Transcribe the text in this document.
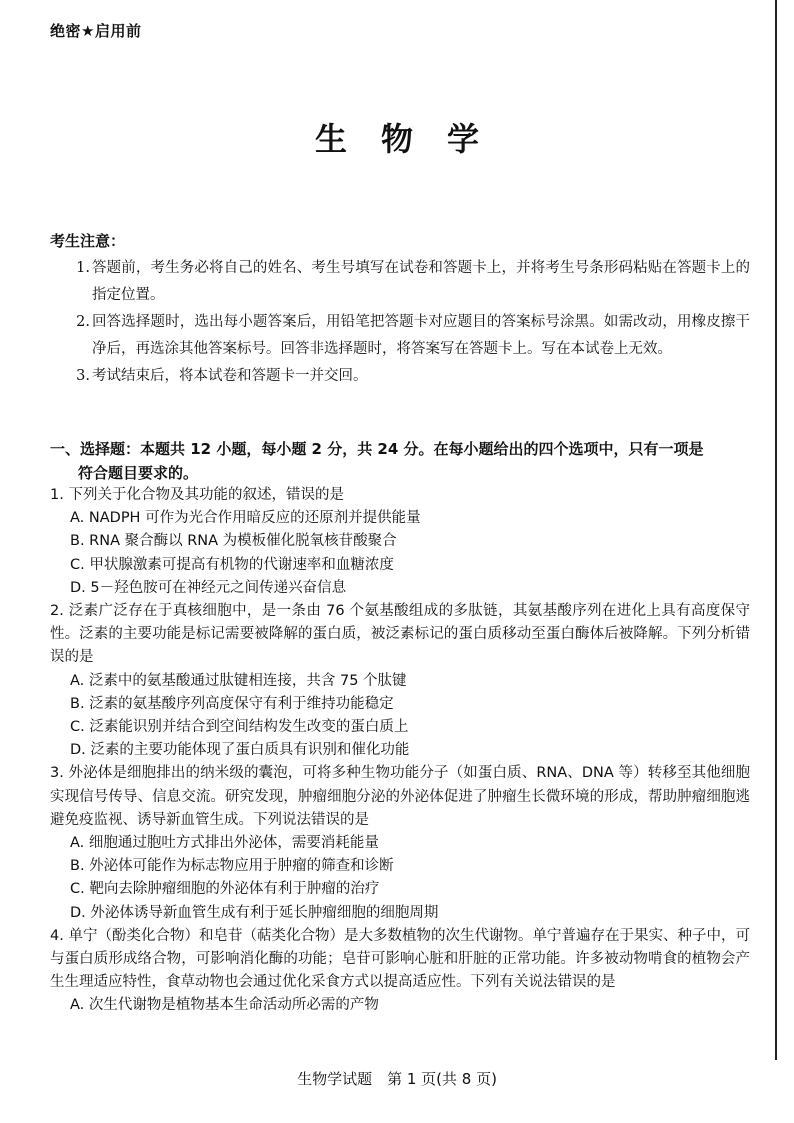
绝密★启用前
生物学
考生注意：
1. 答题前，考生务必将自己的姓名、考生号填写在试卷和答题卡上，并将考生号条形码粘贴在答题卡上的指定位置。
2. 回答选择题时，选出每小题答案后，用铅笔把答题卡对应题目的答案标号涂黑。如需改动，用橡皮擦干净后，再选涂其他答案标号。回答非选择题时，将答案写在答题卡上。写在本试卷上无效。
3. 考试结束后，将本试卷和答题卡一并交回。
一、选择题：本题共 12 小题，每小题 2 分，共 24 分。在每小题给出的四个选项中，只有一项是
符合题目要求的。
1. 下列关于化合物及其功能的叙述，错误的是
A. NADPH 可作为光合作用暗反应的还原剂并提供能量
B. RNA 聚合酶以 RNA 为模板催化脱氧核苷酸聚合
C. 甲状腺激素可提高有机物的代谢速率和血糖浓度
D. 5－羟色胺可在神经元之间传递兴奋信息
2. 泛素广泛存在于真核细胞中，是一条由 76 个氨基酸组成的多肽链，其氨基酸序列在进化上具有高度保守性。泛素的主要功能是标记需要被降解的蛋白质，被泛素标记的蛋白质移动至蛋白酶体后被降解。下列分析错误的是
A. 泛素中的氨基酸通过肽键相连接，共含 75 个肽键
B. 泛素的氨基酸序列高度保守有利于维持功能稳定
C. 泛素能识别并结合到空间结构发生改变的蛋白质上
D. 泛素的主要功能体现了蛋白质具有识别和催化功能
3. 外泌体是细胞排出的纳米级的囊泡，可将多种生物功能分子（如蛋白质、RNA、DNA 等）转移至其他细胞实现信号传导、信息交流。研究发现，肿瘤细胞分泌的外泌体促进了肿瘤生长微环境的形成，帮助肿瘤细胞逃避免疫监视、诱导新血管生成。下列说法错误的是
A. 细胞通过胞吐方式排出外泌体，需要消耗能量
B. 外泌体可能作为标志物应用于肿瘤的筛查和诊断
C. 靶向去除肿瘤细胞的外泌体有利于肿瘤的治疗
D. 外泌体诱导新血管生成有利于延长肿瘤细胞的细胞周期
4. 单宁（酚类化合物）和皂苷（萜类化合物）是大多数植物的次生代谢物。单宁普遍存在于果实、种子中，可与蛋白质形成络合物，可影响消化酶的功能；皂苷可影响心脏和肝脏的正常功能。许多被动物啃食的植物会产生生理适应特性，食草动物也会通过优化采食方式以提高适应性。下列有关说法错误的是
A. 次生代谢物是植物基本生命活动所必需的产物
生物学试题　第 1 页(共 8 页)
